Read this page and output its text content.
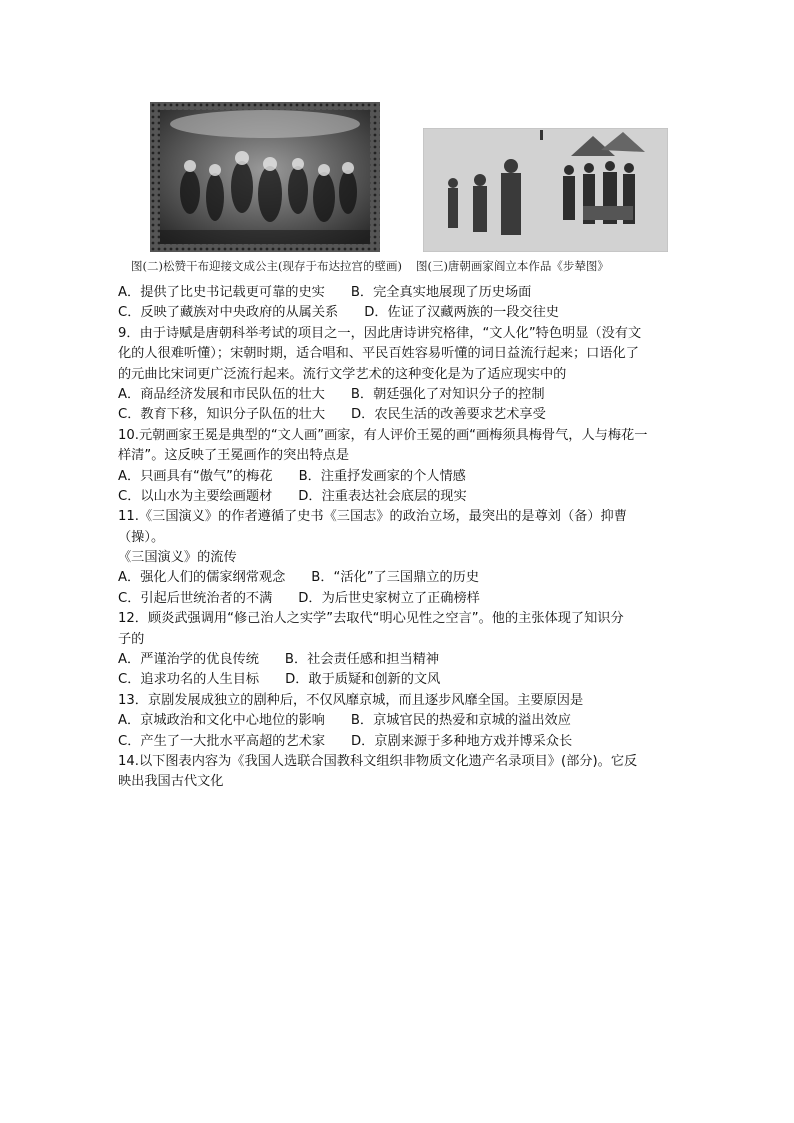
图(二)松赞干布迎接文成公主(现存于布达拉宫的壁画) 图(三)唐朝画家阎立本作品《步辇图》
A．提供了比史书记载更可靠的史实 B．完全真实地展现了历史场面
C．反映了藏族对中央政府的从属关系 D．佐证了汉藏两族的一段交往史
9．由于诗赋是唐朝科举考试的项目之一，因此唐诗讲究格律，“文人化”特色明显（没有文
化的人很难听懂）；宋朝时期，适合唱和、平民百姓容易听懂的词日益流行起来；口语化了
的元曲比宋词更广泛流行起来。流行文学艺术的这种变化是为了适应现实中的
A．商品经济发展和市民队伍的壮大 B．朝廷强化了对知识分子的控制
C．教育下移，知识分子队伍的壮大 D．农民生活的改善要求艺术享受
10.元朝画家王冕是典型的“文人画”画家，有人评价王冕的画“画梅须具梅骨气，人与梅花一
样清”。这反映了王冕画作的突出特点是
A．只画具有“傲气”的梅花 B．注重抒发画家的个人情感
C．以山水为主要绘画题材 D．注重表达社会底层的现实
11.《三国演义》的作者遵循了史书《三国志》的政治立场，最突出的是尊刘（备）抑曹
（操）。
《三国演义》的流传
A．强化人们的儒家纲常观念 B．“活化”了三国鼎立的历史
C．引起后世统治者的不满 D．为后世史家树立了正确榜样
12．顾炎武强调用“修己治人之实学”去取代“明心见性之空言”。他的主张体现了知识分
子的
A．严谨治学的优良传统 B．社会责任感和担当精神
C．追求功名的人生目标 D．敢于质疑和创新的文风
13．京剧发展成独立的剧种后，不仅风靡京城，而且逐步风靡全国。主要原因是
A．京城政治和文化中心地位的影响 B．京城官民的热爱和京城的溢出效应
C．产生了一大批水平高超的艺术家 D．京剧来源于多种地方戏并博采众长
14.以下图表内容为《我国人选联合国教科文组织非物质文化遗产名录项目》(部分)。它反
映出我国古代文化
